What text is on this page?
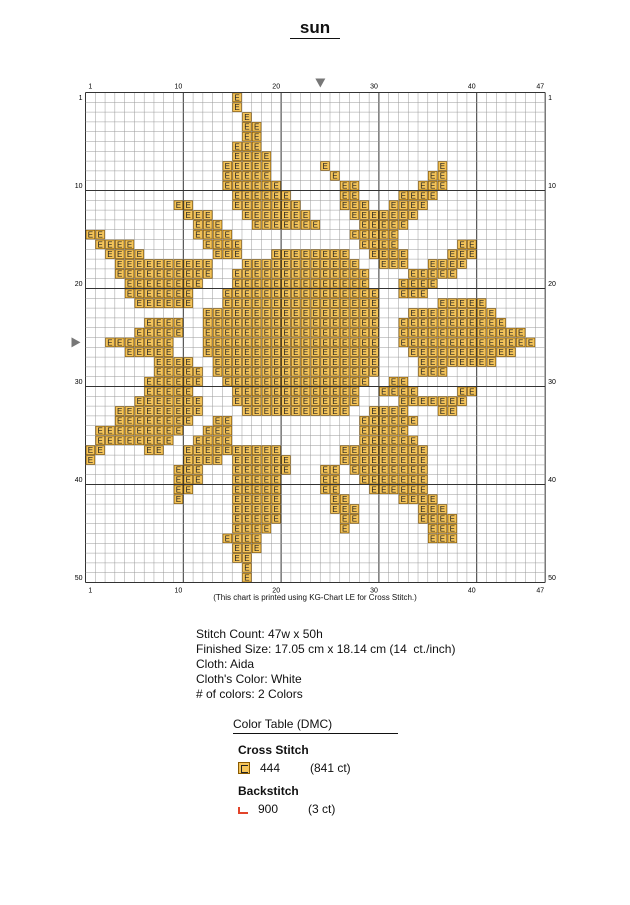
sun
E
E
E
E E
E E
E E E
E E E E
E E E E E	E	E
E E E E E	E	E E
E E E E E E	E E	E E E
E E E E E E	E E	E E E E
E E	E E E E E E E	E E E	E E E E
E E E	E E E E E E E	E E E E E E E
E E E	E E E E E E E	E E E E E
E E	E E E E	E E E E E
E E E E	E E E E	E E E E	E E
E E E E	E E E	E E E E E E E E	E E E E	E E E
E E E E E E E E E E	E E E E E E E E E E E E	E E E	E E E E
E E E E E E E E E E	E E E E E E E E E E E E E E	E E E E E
E E E E E E E E	E E E E E E E E E E E E E E	E E E E
E E E E E E E	E E E E E E E E E E E E E E E E	E E E
E E E E E E	E E E E E E E E E E E E E E E E	E E E E E
E E E E E E E E E E E E E E E E E E	E E E E E E E E E
E E E E	E E E E E E E E E E E E E E E E E E	E E E E E E E E E E E
E E E E E	E E E E E E E E E E E E E E E E E E	E E E E E E E E E E E E E
E E E E E E E	E E E E E E E E E E E E E E E E E E	E E E E E E E E E E E E E E
E E E E E	E E E E E E E E E E E E E E E E E E	E E E E E E E E E E E
E E E E	E E E E E E E E E E E E E E E E E	E E E E E E E E
E E E E E E E E E E E E E E E E E E E E E E	E E E
E E E E E E	E E E E E E E E E E E E E E E	E E
E E E E E	E E E E E E E E E E E E E	E E E E	E E
E E E E E E E	E E E E E E E E E E E E E	E E E E E E E
E E E E E E E E E	E E E E E E E E E E E	E E E E	E E
E E E E E E E E	E E	E E E E E E
E E E E E E E E E	E E E	E E E E E
E E E E E E E E	E E E E	E E E E E E
E E	E E	E E E E E E E E E E	E E E E E E E E E
E	E E E E E E E E E E	E E E E E E E E E
E E E	E E E E E E	E E E E E E E E E E
E E E	E E E E E	E E	E E E E E E E
E E	E E E E E	E E	E E E E E E
E	E E E E E	E E	E E E E
E E E E E	E E E	E E E
E E E E E	E E	E E E E
E E E E	E	E E E
E E E E	E E E
E E E
E E
E
E
1
1
10
10
20
20
30
30
40
40
47
47
1	1
10	10
20	20
30	30
40	40
50	50
(This chart is printed using KG-Chart LE for Cross Stitch.)
Stitch Count: 47w x 50h
Finished Size: 17.05 cm x 18.14 cm (14  ct./inch)
Cloth: Aida
Cloth's Color: White
# of colors: 2 Colors
Color Table (DMC)
Cross Stitch
444	(841 ct)
Backstitch
900	(3 ct)
